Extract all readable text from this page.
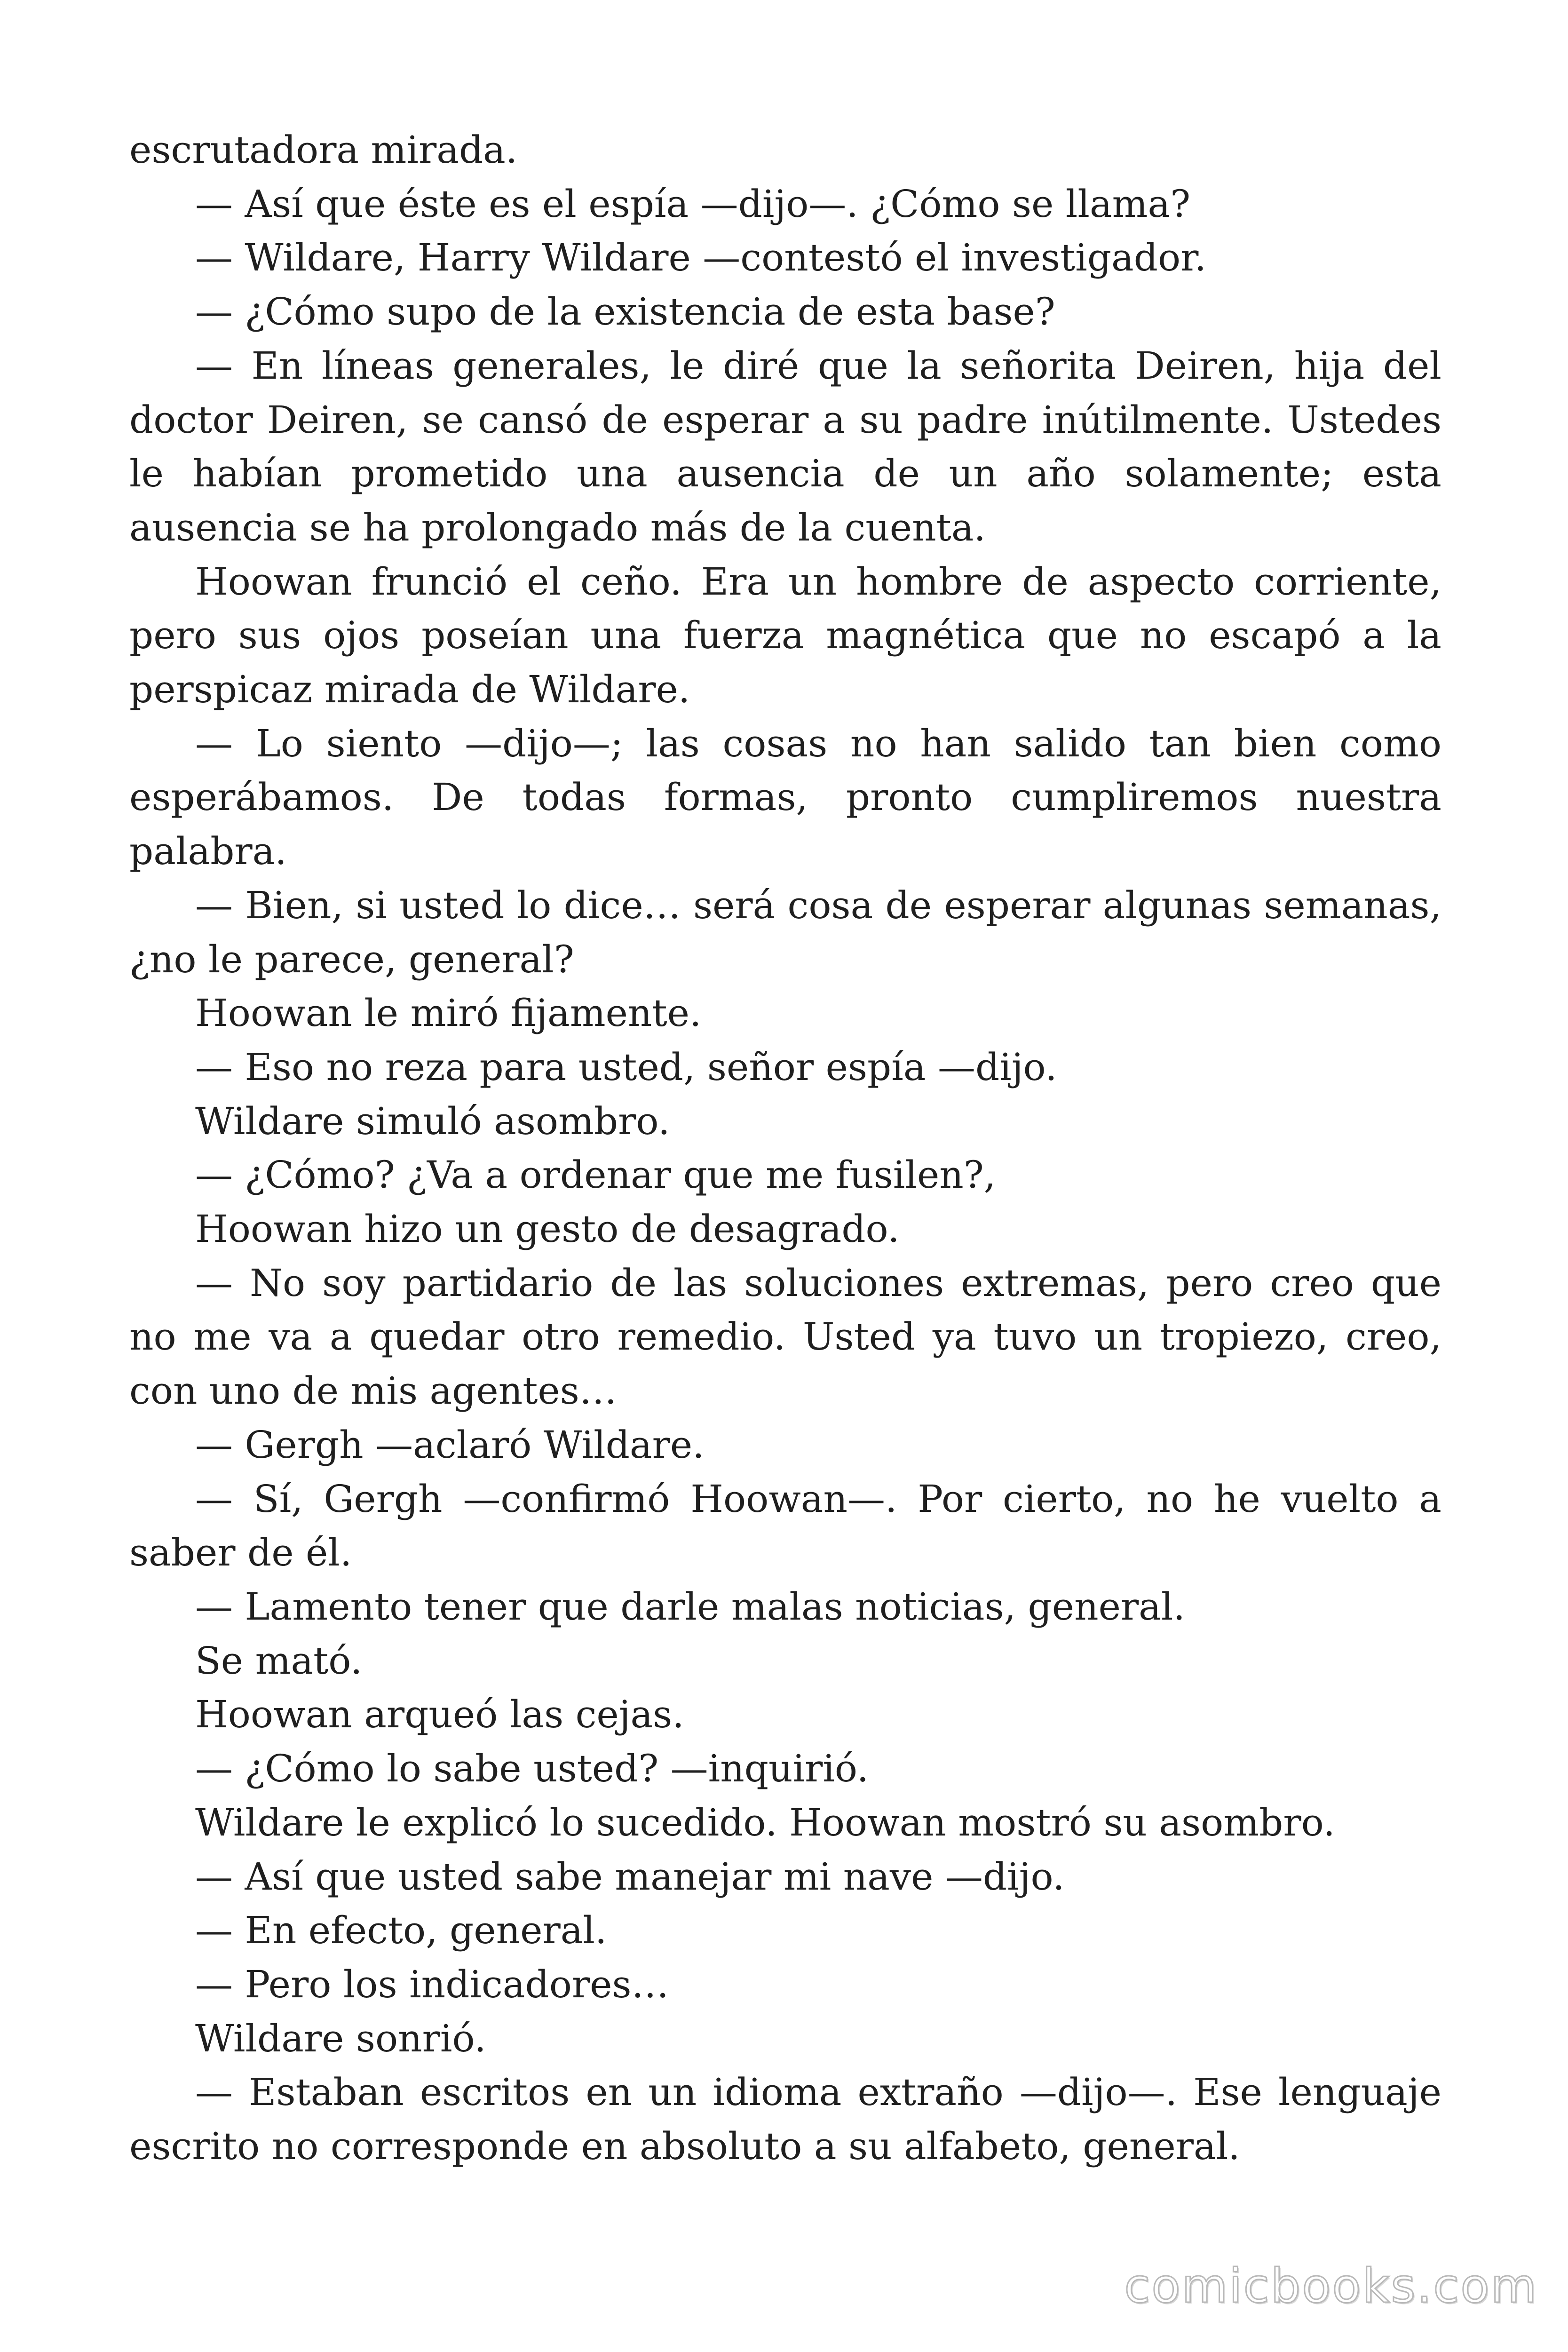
escrutadora mirada.

— Así que éste es el espía —dijo—. ¿Cómo se llama?

— Wildare, Harry Wildare —contestó el investigador.

— ¿Cómo supo de la existencia de esta base?

— En líneas generales, le diré que la señorita Deiren, hija del doctor Deiren, se cansó de esperar a su padre inútilmente. Ustedes le habían prometido una ausencia de un año solamente; esta ausencia se ha prolongado más de la cuenta.

Hoowan frunció el ceño. Era un hombre de aspecto corriente, pero sus ojos poseían una fuerza magnética que no escapó a la perspicaz mirada de Wildare.

— Lo siento —dijo—; las cosas no han salido tan bien como esperábamos. De todas formas, pronto cumpliremos nuestra palabra.

— Bien, si usted lo dice… será cosa de esperar algunas semanas, ¿no le parece, general?

Hoowan le miró fijamente.

— Eso no reza para usted, señor espía —dijo.

Wildare simuló asombro.

— ¿Cómo? ¿Va a ordenar que me fusilen?,

Hoowan hizo un gesto de desagrado.

— No soy partidario de las soluciones extremas, pero creo que no me va a quedar otro remedio. Usted ya tuvo un tropiezo, creo, con uno de mis agentes…

— Gergh —aclaró Wildare.

— Sí, Gergh —confirmó Hoowan—. Por cierto, no he vuelto a saber de él.

— Lamento tener que darle malas noticias, general.

Se mató.

Hoowan arqueó las cejas.

— ¿Cómo lo sabe usted? —inquirió.

Wildare le explicó lo sucedido. Hoowan mostró su asombro.

— Así que usted sabe manejar mi nave —dijo.

— En efecto, general.

— Pero los indicadores…

Wildare sonrió.

— Estaban escritos en un idioma extraño —dijo—. Ese lenguaje escrito no corresponde en absoluto a su alfabeto, general.

comicbooks.com
